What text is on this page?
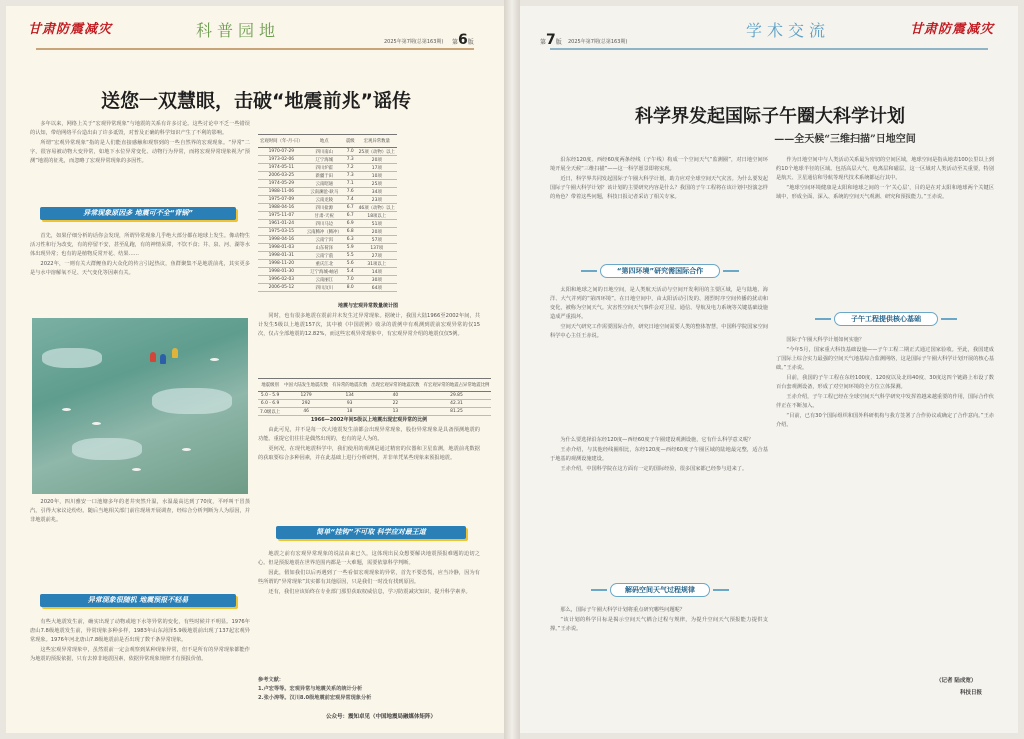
甘肃防震减灾	科普园地
2025年第7期(总第163期) 第6版
送您一双慧眼，击破“地震前兆”谣传

多年以来，网络上关于“宏观异常现象”与地震的关系有许多讨论。这些讨论中不乏一些错误的认知，带给网络平台造出由了许多诋毁，对普及正确的科学知识产生了不利的影响。

所谓“宏观异常现象”指的是人们能直接感触和观察到的一些自然界的宏观现象。“异常”二字，很容易被动物大变异常，如地下水位异常变化、动物行为异常，而将宏观异常现象视为“预测”地震的征兆，而忽略了宏观异常现象的多因性。

异常现象原因多 地震可不全“背锅”

首先，如果仔细分析的话你会发现，所谓异常现象几乎绝大部分都在地球上发生。像动物生活习性和行为改变，有的停留不安，甚至乱跑，有的神情呆滞，不饮不食；井、泉、河、湖等水体出现异常；也有的是植物反常开花、结果……

2022年，一则有关大群鲤鱼的大众化的传言引起热议，鱼群聚集不是地震前兆，其实更多是与水中溶解氧不足、天气变化等因素有关。

2020年，四川雅安一口池塘多年的老井突然升温，水温最高达到了70度，平呼叫干冒蒸汽，引得大家议论纷纷。随后当地相关部门前往现场开展调查，经综合分析判断为人为原因，并非地震前兆。

异常现象很随机 地震预报不轻易

有些大地震发生前，确实出现了动物或地下水等异常的变化，有些时候并不明显。1976年唐山7.8级地震发生前，异常现象多种多样，1983年山东菏泽5.9级地震前出现了137起宏观异常现象。1976年河北唐山7.8级地震前是否出现了数千条异常现象。

这些宏观异常现象中，虽然震前一定会观察到某种现象异常，但不是所有的异常现象都能作为地震的预报依据，只有去掉非地震因素，依据异常现象规律才有预报价值。

宏观时间（年-月-日）	地点	震级	宏观异常数量
1970-07-29	四川南山	7.0	25项（动物）以上
1973-02-06	辽宁海城	7.3	20项
1974-05-11	四川炉霍	7.2	17项
2006-03-25	新疆于田	7.3	10项
1974-05-29	云南昭通	7.1	25项
1988-11-06	云南澜沧-耿马	7.6	34项
1975-07-09	云南龙陵	7.4	23项
1988-04-16	四川盐源	6.7	46项（动物）以上
1975-11-07	甘肃-天祝	6.7	18项以上
1961-01-24	四川马边	6.9	51项
1975-03-15	云南腾冲（腾冲）	6.8	20项
1998-04-16	云南宁洱	6.3	57项
1998-01-03	山东荷泽	5.9	137项
1998-01-31	云南宁蒗	5.5	27项
1998-11-20	重庆江北	5.6	31项以上
1998-01-30	辽宁海城-岫岩	5.4	14项
1996-02-03	云南丽江	7.0	30项
2006-05-12	四川汶川	8.0	64项
地震与宏观异常数量统计图

同时，也有很多地震在震前并未发生过异常现象。据统计，我国大陆1966至2002年间，共计发生5级以上地震157次，其中被《中国震例》收录的震例中有观测到震前宏观异常的仅15次，仅占全部地震的12.82%，而这些宏观异常现象中，有宏观异常介绍的地震仅仅5例。

地震级别	中国大陆发生地震次数	有异常的地震次数	出现宏观异常的地震次数	有宏观异常的地震占异常地震比例
5.0 - 5.9	1279	134	40	29.85
6.0 - 6.9	292	93	22	42.31
7.0级以上	46	18	13	81.25
1966—2002年间5级以上地震出现宏观异常的比例

由此可见，并不是每一次大地震发生前都会出现异常现象，股份异常现象是具备预测地震的功能。重提它们往往是偶然出现的，也有的是人为的。

更何况，在现代地震科学中，我们使用的观测是通过精密的仪器和卫星监测，地震前兆数据的获取要综合多种因素，并在此基础上进行分析研判，并非单凭某些现象来预报地震。

简单“挂钩”不可取 科学应对最王道

地震之前有宏观异常现象的说法由来已久，这体现出民众想要解决地震预报难题的迫切之心。但是预报地震在世界范围内都是一大难题，需要依靠科学判断。

因此，假如我们以后再遇到了一些看似宏观现象的异常，首先不要恐慌，应当冷静，因为有些所谓的“异常现象”其实都有其他原因，只是我们一时没有找到原因。

还有，我们应该始终在专业部门那里获取权威信息，学习防震减灾知识，提升科学素养。

参考文献：
1.卢宏等等。宏观异常与地震关系的统计分析
2.张小涛等。汉川8.0级地震前宏观异常现象分析
公众号：震知卓见（中国地震局融媒体矩阵）
第7版 2025年第7期(总第163期)
学术交流	甘肃防震减灾
科学界发起国际子午圈大科学计划
——全天候“三维扫描”日地空间

沿东经120度、西经60度两条经线（子午线）构成一个空间天气“监测圈”，对日地空间环境开展全天候“三维扫描”——这一科学愿景即将实现。

近日，科学界共同发起国际子午圈大科学计划，助力应对全球空间天气灾害。为什么要发起国际子午圈大科学计划？该计划的主要研究内容是什么？我国的子午工程将在该计划中扮演怎样的角色？带着这些问题，科技日报记者采访了相关专家。

“第四环境”研究需国际合作

太阳和地球之间的日地空间，是人类航天活动与空间开发利用的主要区域，是与陆地、海洋、大气并列的“第四环境”。在日地空间中，由太阳活动引发的、剧烈时序空间传播的扰动和变化，被称为空间天气。灾害性空间天气事件会对卫星、通信、导航及电力系统等关键基础设施造成严重损坏。

空间天气研究工作需要国际合作，研究日地空间需要人类的整体智慧，中国科学院国家空间科学中心主任王赤说。

为什么要选择沿东经120度—西经60度子午圈建设观测设施，它有什么科学意义呢？

王赤介绍，与其他经线圈相比，东经120度—西经60度子午圈区域的陆地最完整，适合基于地基的观测设施建设。

王赤介绍，中国科学院在这方面有一定的国际经验，很多国家都已经参与进来了。

解码空间天气过程规律

那么，国际子午圈大科学计划将重点研究哪些问题呢？

“该计划的科学目标是揭示空间天气耦合过程与规律，为提升空间天气预报能力提供支撑。”王赤说。

作为日地空间中与人类活动关系最为密切的空间区域，地球空间是指从地表100公里以上到约10个地球半径的区域。包括高层大气、电离层和磁层。这一区域对人类活动至关重要，特别是航天、卫星通信和导航等现代技术系统都运行其中。

“地球空间环境健康是太阳和地球之间的一个‘关心层’，目的是在对太阳和地球两个关键区域中，形成全面、深入、系统的空间天气观测、研究和预报能力。”王赤说。

子午工程提供核心基础

国际子午圈大科学计划如何实施？

“今年5月，国家重大科技基础设施——子午工程二期正式通过国家验收。至此，我国建成了国际上综合实力最强的空间天气地基综合监测网络，这是国际子午圈大科学计划开展的核心基础。”王赤说。

目前，我国的子午工程在东经100度、120度以及北纬40度、30度这四个链路上布设了数百台套观测设备，形成了对空间环境的全方位立体探测。

王赤介绍，子午工程已经在全球空间天气科学研究中发挥着越来越重要的作用，国际合作伙伴正在不断加入。

“目前，已有30个国际组织和国外科研机构与我方签署了合作协议或确定了合作意向。”王赤介绍。

（记者 陆成宽）
科技日报
